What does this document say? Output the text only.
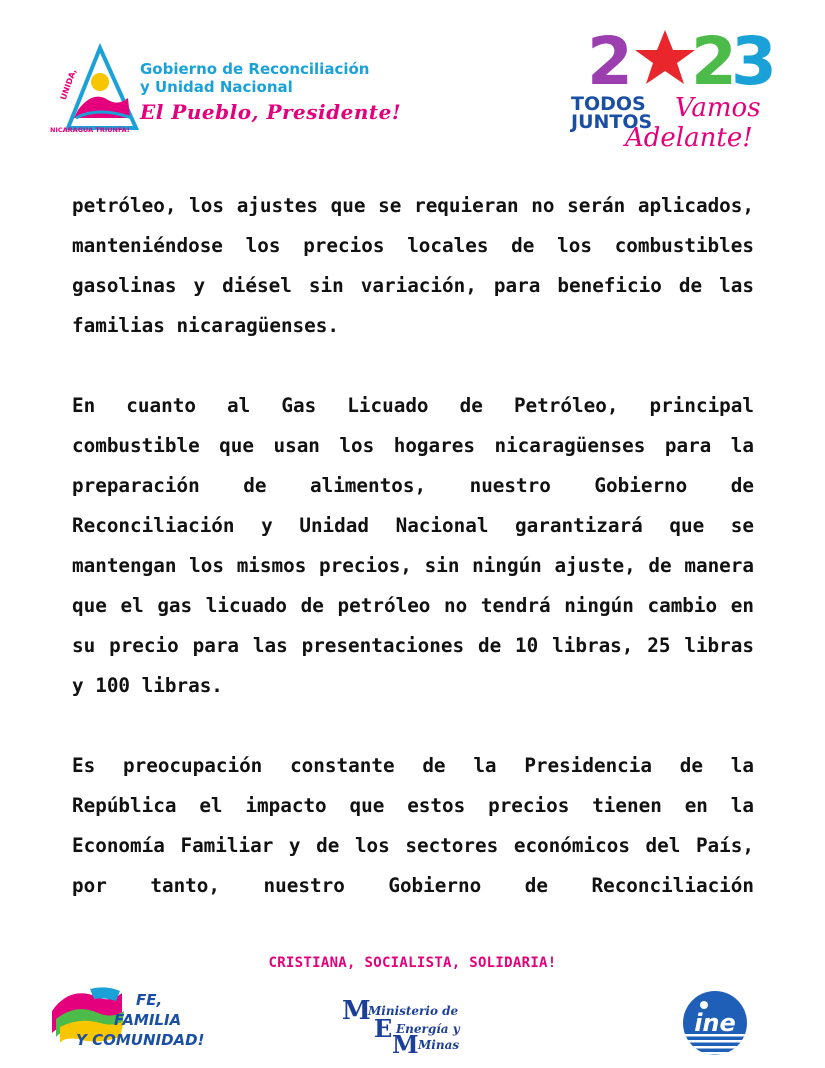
UNIDA,
NICARAGUA TRIUNFA!
Gobierno de Reconciliación
y Unidad Nacional
El Pueblo, Presidente!
2 2
3
TODOS
JUNTOS Vamos
Adelante!

petróleo, los ajustes que se requieran no serán aplicados, manteniéndose los precios locales de los combustibles gasolinas y diésel sin variación, para beneficio de las familias nicaragüenses.

En cuanto al Gas Licuado de Petróleo, principal combustible que usan los hogares nicaragüenses para la preparación de alimentos, nuestro Gobierno de Reconciliación y Unidad Nacional garantizará que se mantengan los mismos precios, sin ningún ajuste, de manera que el gas licuado de petróleo no tendrá ningún cambio en su precio para las presentaciones de 10 libras, 25 libras y 100 libras.

Es preocupación constante de la Presidencia de la República el impacto que estos precios tienen en la Economía Familiar y de los sectores económicos del País, por tanto, nuestro Gobierno de Reconciliación

CRISTIANA, SOCIALISTA, SOLIDARIA!
FE,
FAMILIA
Y COMUNIDAD!
M
E
M
Ministerio de
Energía y
Minas
ine
